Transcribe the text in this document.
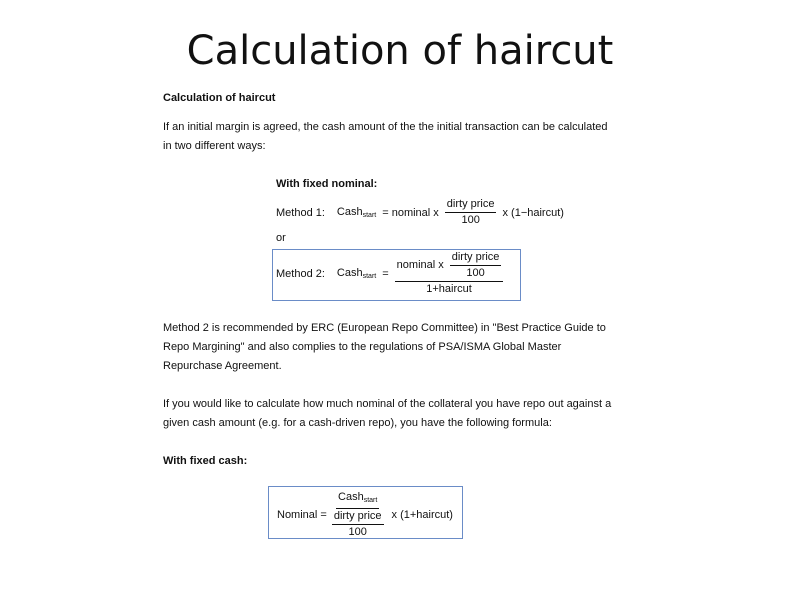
Calculation of haircut
Calculation of haircut
If an initial margin is agreed, the cash amount of the the initial transaction can be calculated
in two different ways:
With fixed nominal:
Method 1: Cash$_{start}$ = nominal x $\frac{\text{dirty price}}{100}$ x (1−haircut)
or
Method 2: Cash$_{start}$ = $\frac{nominal x \frac{\text{dirty price}}{100}}{\text{1+haircut}}$
Method 2 is recommended by ERC (European Repo Committee) in "Best Practice Guide to
Repo Margining" and also complies to the regulations of PSA/ISMA Global Master
Repurchase Agreement.
If you would like to calculate how much nominal of the collateral you have repo out against a
given cash amount (e.g. for a cash-driven repo), you have the following formula:
With fixed cash:
Nominal = $\frac{Cash_{start}}{\frac{\text{dirty price}}{100}}$ x (1+haircut)
